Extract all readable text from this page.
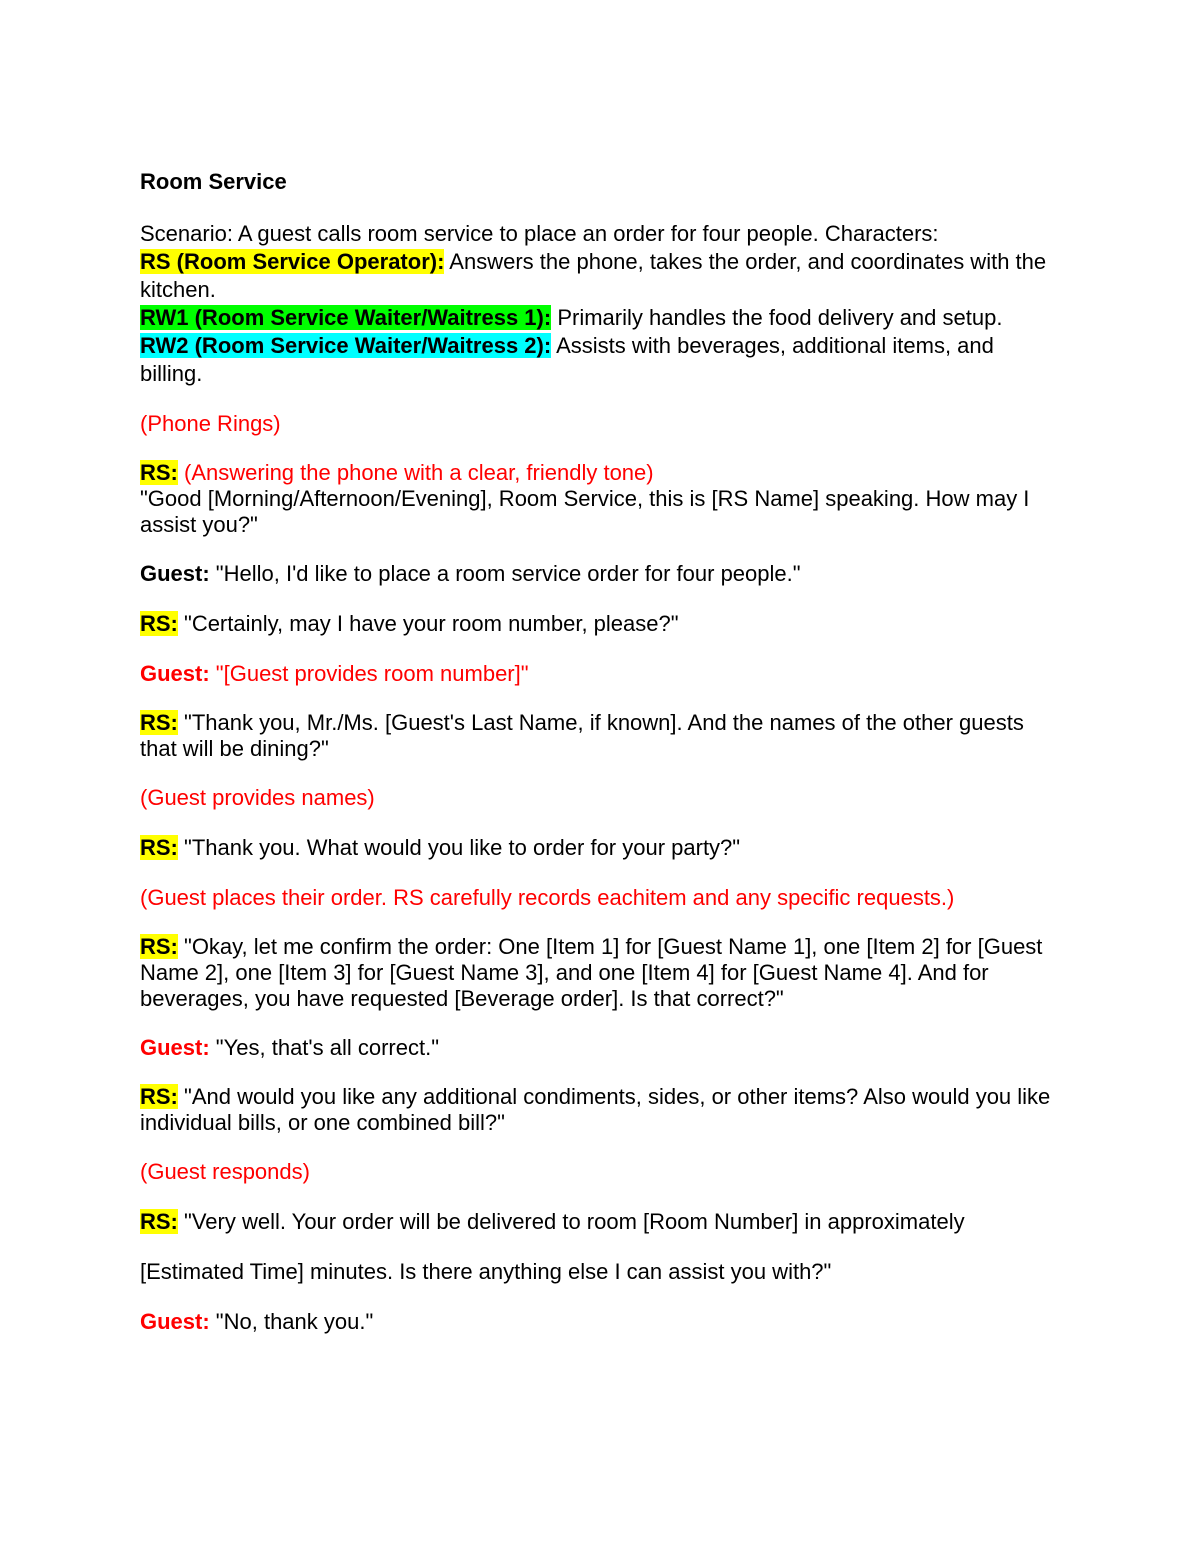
Room Service

Scenario: A guest calls room service to place an order for four people. Characters:

RS (Room Service Operator): Answers the phone, takes the order, and coordinates with the kitchen.

RW1 (Room Service Waiter/Waitress 1): Primarily handles the food delivery and setup.

RW2 (Room Service Waiter/Waitress 2): Assists with beverages, additional items, and billing.

(Phone Rings)

RS: (Answering the phone with a clear, friendly tone)
"Good [Morning/Afternoon/Evening], Room Service, this is [RS Name] speaking. How may I assist you?"

Guest: "Hello, I'd like to place a room service order for four people."

RS: "Certainly, may I have your room number, please?"

Guest: "[Guest provides room number]"

RS: "Thank you, Mr./Ms. [Guest's Last Name, if known]. And the names of the other guests that will be dining?"

(Guest provides names)

RS: "Thank you. What would you like to order for your party?"

(Guest places their order. RS carefully records eachitem and any specific requests.)

RS: "Okay, let me confirm the order: One [Item 1] for [Guest Name 1], one [Item 2] for [Guest Name 2], one [Item 3] for [Guest Name 3], and one [Item 4] for [Guest Name 4]. And for beverages, you have requested [Beverage order]. Is that correct?"

Guest: "Yes, that's all correct."

RS: "And would you like any additional condiments, sides, or other items? Also would you like individual bills, or one combined bill?"

(Guest responds)

RS: "Very well. Your order will be delivered to room [Room Number] in approximately

[Estimated Time] minutes. Is there anything else I can assist you with?"

Guest: "No, thank you."
